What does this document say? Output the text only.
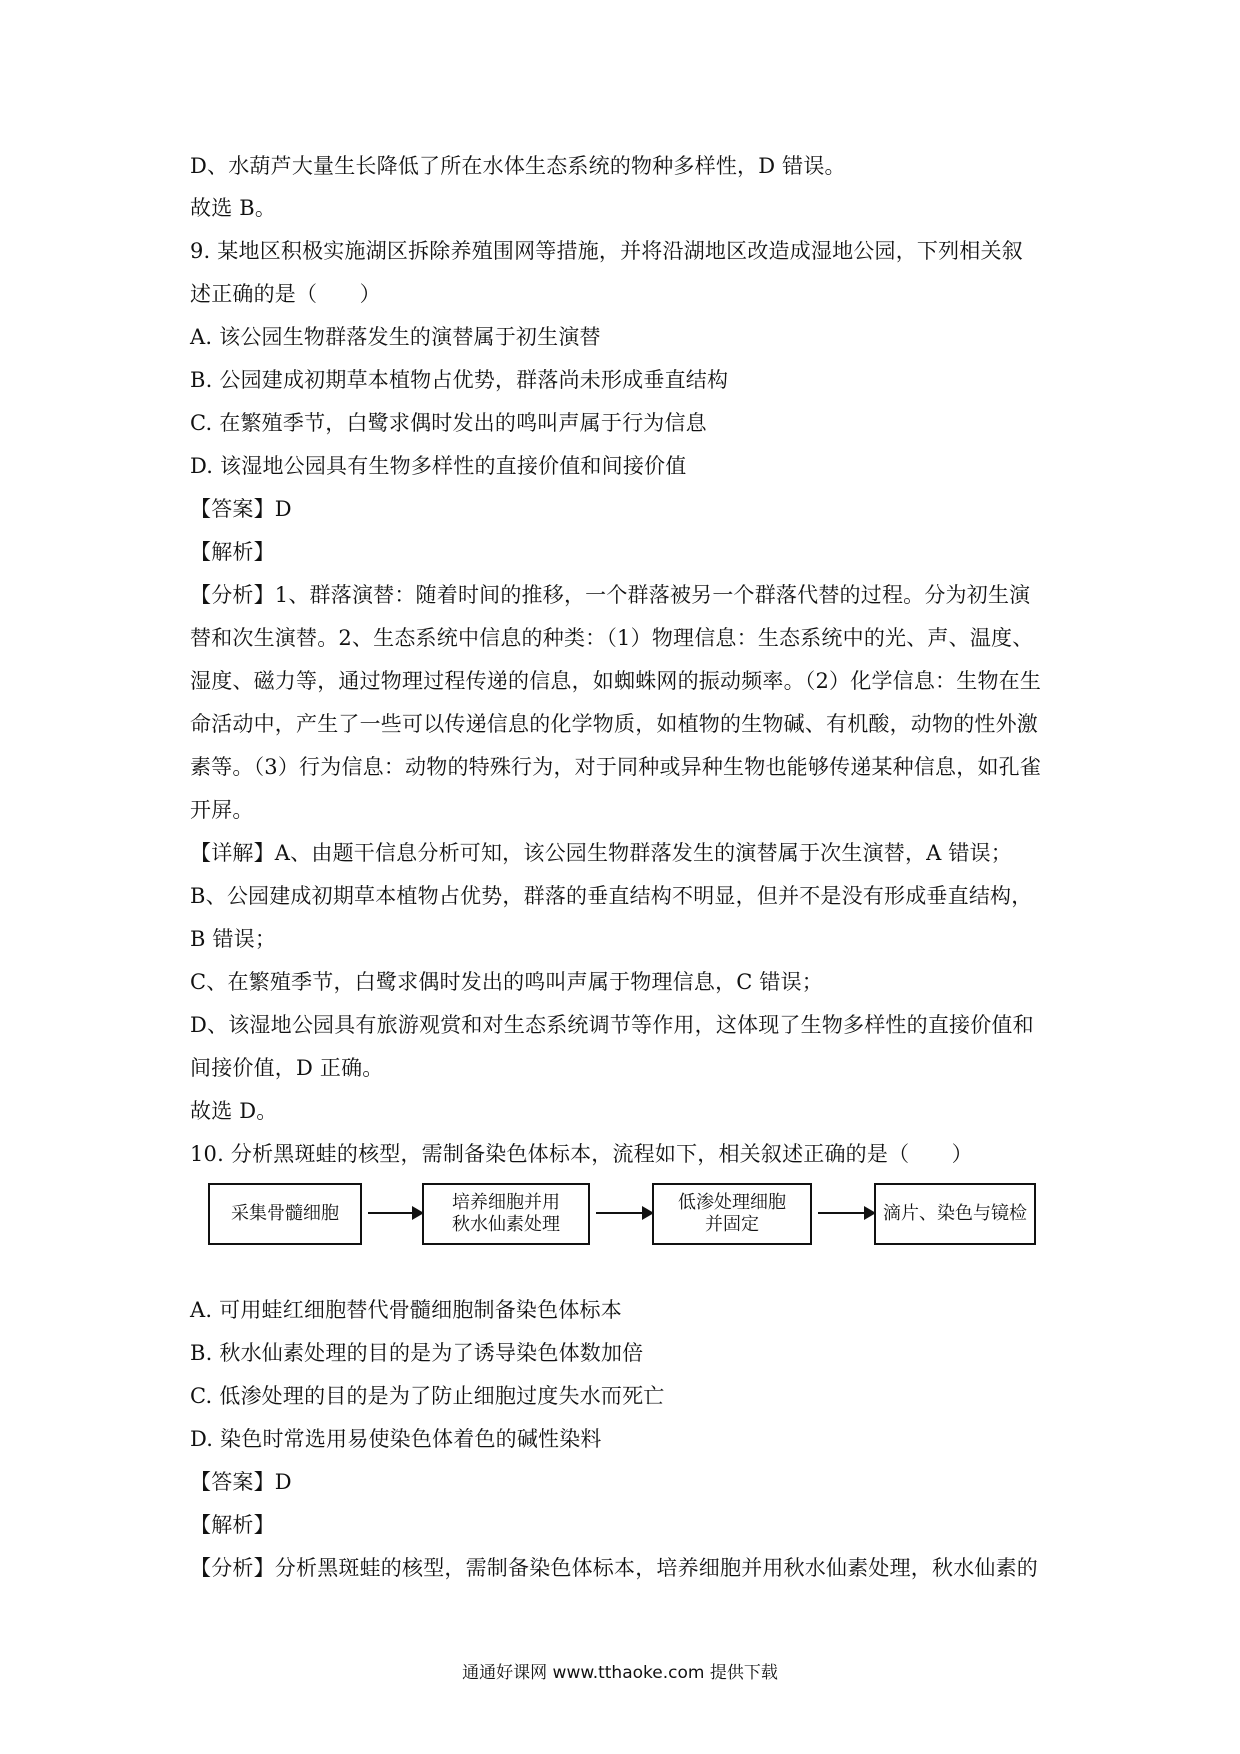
D、水葫芦大量生长降低了所在水体生态系统的物种多样性，D 错误。
故选 B。
9. 某地区积极实施湖区拆除养殖围网等措施，并将沿湖地区改造成湿地公园，下列相关叙
述正确的是（　　）
A. 该公园生物群落发生的演替属于初生演替
B. 公园建成初期草本植物占优势，群落尚未形成垂直结构
C. 在繁殖季节，白鹭求偶时发出的鸣叫声属于行为信息
D. 该湿地公园具有生物多样性的直接价值和间接价值
【答案】D
【解析】
【分析】1、群落演替：随着时间的推移，一个群落被另一个群落代替的过程。分为初生演
替和次生演替。2、生态系统中信息的种类：（1）物理信息：生态系统中的光、声、温度、
湿度、磁力等，通过物理过程传递的信息，如蜘蛛网的振动频率。（2）化学信息：生物在生
命活动中，产生了一些可以传递信息的化学物质，如植物的生物碱、有机酸，动物的性外激
素等。（3）行为信息：动物的特殊行为，对于同种或异种生物也能够传递某种信息，如孔雀
开屏。
【详解】A、由题干信息分析可知，该公园生物群落发生的演替属于次生演替，A 错误；
B、公园建成初期草本植物占优势，群落的垂直结构不明显，但并不是没有形成垂直结构，
B 错误；
C、在繁殖季节，白鹭求偶时发出的鸣叫声属于物理信息，C 错误；
D、该湿地公园具有旅游观赏和对生态系统调节等作用，这体现了生物多样性的直接价值和
间接价值，D 正确。
故选 D。
10. 分析黑斑蛙的核型，需制备染色体标本，流程如下，相关叙述正确的是（　　）
采集骨髓细胞
培养细胞并用
秋水仙素处理
低渗处理细胞
并固定
滴片、染色与镜检
A. 可用蛙红细胞替代骨髓细胞制备染色体标本
B. 秋水仙素处理的目的是为了诱导染色体数加倍
C. 低渗处理的目的是为了防止细胞过度失水而死亡
D. 染色时常选用易使染色体着色的碱性染料
【答案】D
【解析】
【分析】分析黑斑蛙的核型，需制备染色体标本，培养细胞并用秋水仙素处理，秋水仙素的
通通好课网 www.tthaoke.com 提供下载
